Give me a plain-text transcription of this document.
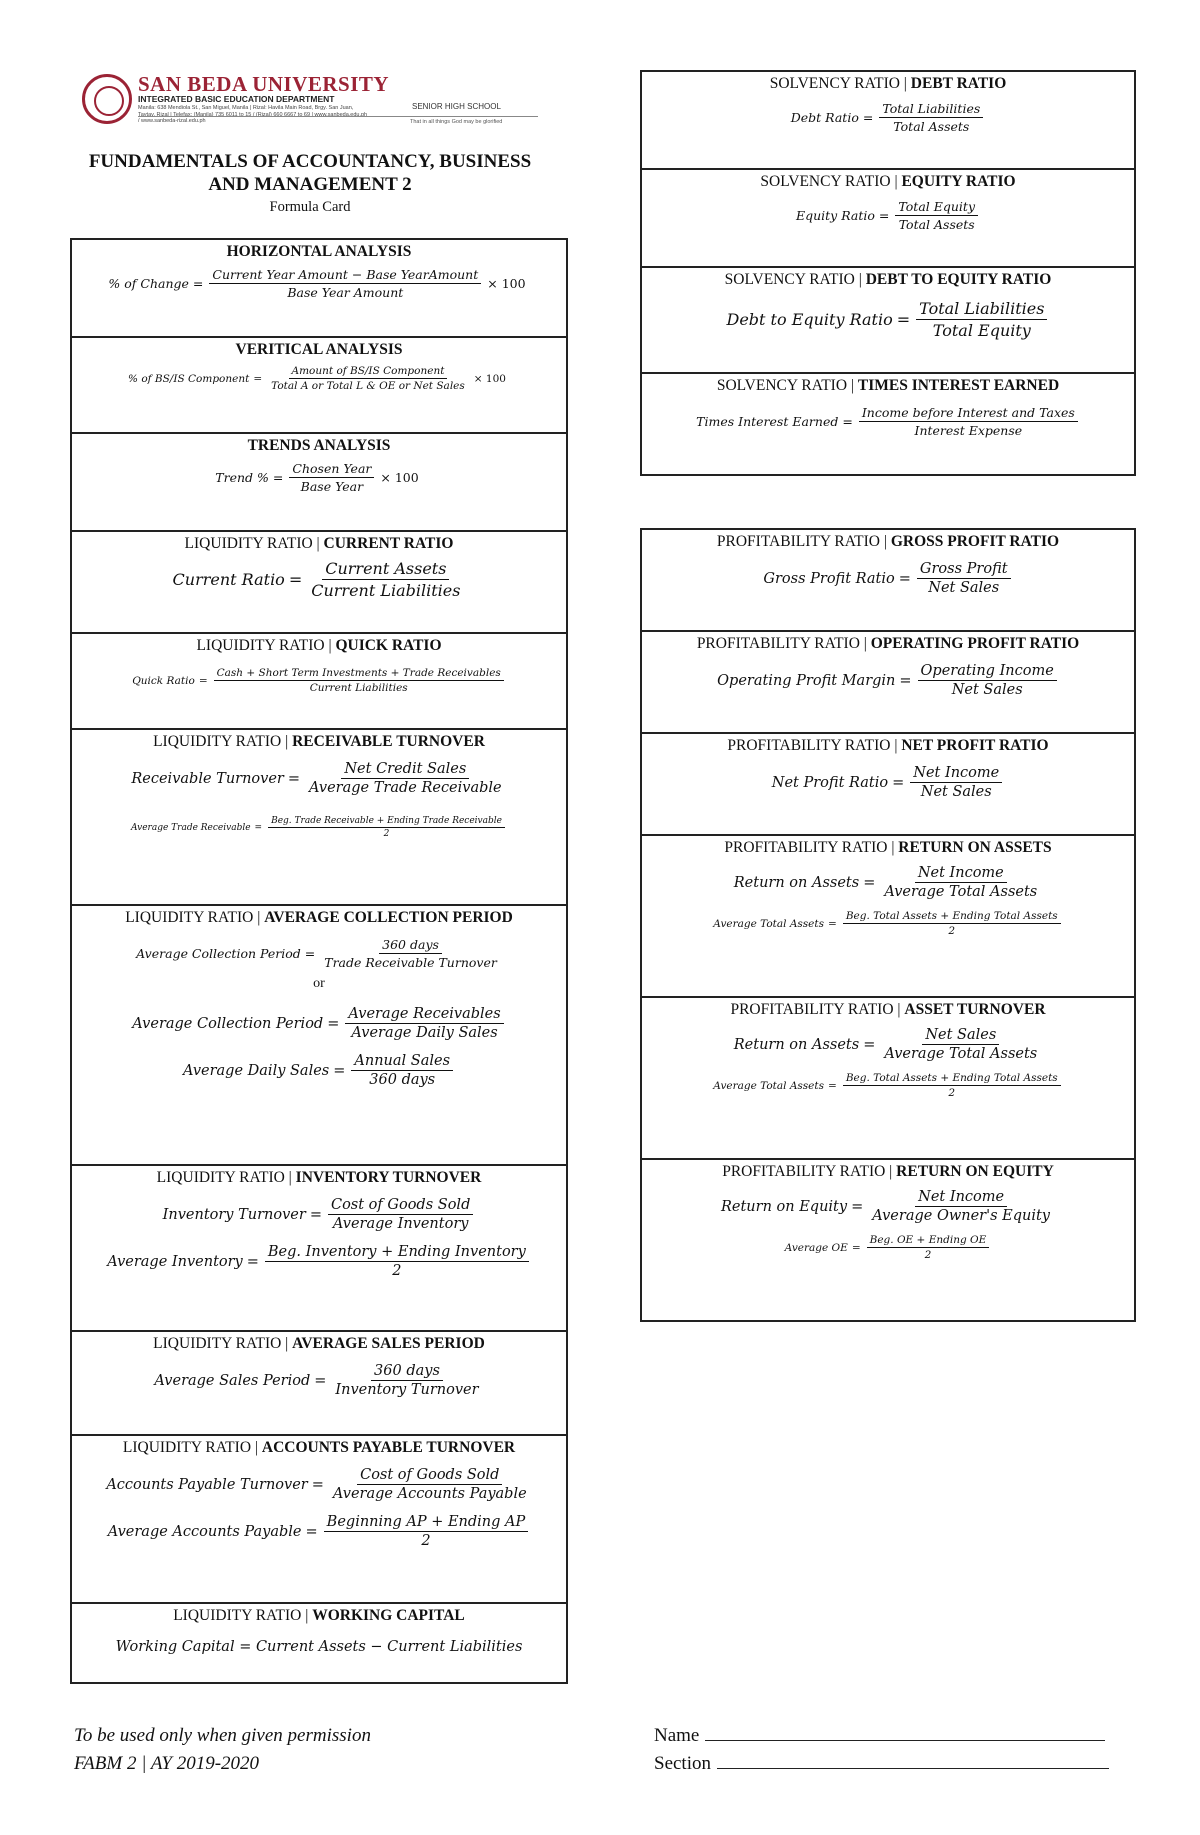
SAN BEDA UNIVERSITY
INTEGRATED BASIC EDUCATION DEPARTMENT
Manila: 638 Mendiola St., San Miguel, Manila | Rizal: Havila Main Road, Brgy. San Juan, Taytay, Rizal | Telefax: (Manila) 735 6011 to 15 / (Rizal) 660 6667 to 69 | www.sanbeda.edu.ph / www.sanbeda-rizal.edu.ph
SENIOR HIGH SCHOOL
That in all things God may be glorified
FUNDAMENTALS OF ACCOUNTANCY, BUSINESS
AND MANAGEMENT 2
Formula Card
HORIZONTAL ANALYSIS
% of Change = $\frac{\text{Current Year Amount − Base YearAmount}}{\text{Base Year Amount}} \times 100$

VERITICAL ANALYSIS
% of BS/IS Component = $\frac{\text{Amount of BS/IS Component}}{\text{Total A or Total L \& OE or Net Sales}} \times 100$

TRENDS ANALYSIS
Trend % = $\frac{\text{Chosen Year}}{\text{Base Year}} \times 100$

LIQUIDITY RATIO | CURRENT RATIO
Current Ratio = $\frac{\text{Current Assets}}{\text{Current Liabilities}}$

LIQUIDITY RATIO | QUICK RATIO
Quick Ratio = $\frac{\text{Cash + Short Term Investments + Trade Receivables}}{\text{Current Liabilities}}$

LIQUIDITY RATIO | RECEIVABLE TURNOVER
Receivable Turnover = $\frac{\text{Net Credit Sales}}{\text{Average Trade Receivable}}$
Average Trade Receivable = $\frac{\text{Beg. Trade Receivable + Ending Trade Receivable}}{2}$

LIQUIDITY RATIO | AVERAGE COLLECTION PERIOD
Average Collection Period = $\frac{\text{360 days}}{\text{Trade Receivable Turnover}}$
or
Average Collection Period = $\frac{\text{Average Receivables}}{\text{Average Daily Sales}}$
Average Daily Sales = $\frac{\text{Annual Sales}}{\text{360 days}}$

LIQUIDITY RATIO | INVENTORY TURNOVER
Inventory Turnover = $\frac{\text{Cost of Goods Sold}}{\text{Average Inventory}}$
Average Inventory = $\frac{\text{Beg. Inventory + Ending Inventory}}{2}$

LIQUIDITY RATIO | AVERAGE SALES PERIOD
Average Sales Period = $\frac{\text{360 days}}{\text{Inventory Turnover}}$

LIQUIDITY RATIO | ACCOUNTS PAYABLE TURNOVER
Accounts Payable Turnover = $\frac{\text{Cost of Goods Sold}}{\text{Average Accounts Payable}}$
Average Accounts Payable = $\frac{\text{Beginning AP + Ending AP}}{2}$

LIQUIDITY RATIO | WORKING CAPITAL
Working Capital = Current Assets − Current Liabilities
SOLVENCY RATIO | DEBT RATIO
Debt Ratio = $\frac{\text{Total Liabilities}}{\text{Total Assets}}$

SOLVENCY RATIO | EQUITY RATIO
Equity Ratio = $\frac{\text{Total Equity}}{\text{Total Assets}}$

SOLVENCY RATIO | DEBT TO EQUITY RATIO
Debt to Equity Ratio = $\frac{\text{Total Liabilities}}{\text{Total Equity}}$

SOLVENCY RATIO | TIMES INTEREST EARNED
Times Interest Earned = $\frac{\text{Income before Interest and Taxes}}{\text{Interest Expense}}$
PROFITABILITY RATIO | GROSS PROFIT RATIO
Gross Profit Ratio = $\frac{\text{Gross Profit}}{\text{Net Sales}}$

PROFITABILITY RATIO | OPERATING PROFIT RATIO
Operating Profit Margin = $\frac{\text{Operating Income}}{\text{Net Sales}}$

PROFITABILITY RATIO | NET PROFIT RATIO
Net Profit Ratio = $\frac{\text{Net Income}}{\text{Net Sales}}$

PROFITABILITY RATIO | RETURN ON ASSETS
Return on Assets = $\frac{\text{Net Income}}{\text{Average Total Assets}}$
Average Total Assets = $\frac{\text{Beg. Total Assets + Ending Total Assets}}{2}$

PROFITABILITY RATIO | ASSET TURNOVER
Return on Assets = $\frac{\text{Net Sales}}{\text{Average Total Assets}}$
Average Total Assets = $\frac{\text{Beg. Total Assets + Ending Total Assets}}{2}$

PROFITABILITY RATIO | RETURN ON EQUITY
Return on Equity = $\frac{\text{Net Income}}{\text{Average Owner's Equity}}$
Average OE = $\frac{\text{Beg. OE + Ending OE}}{2}$
To be used only when given permission
FABM 2 | AY 2019-2020
Name
Section
